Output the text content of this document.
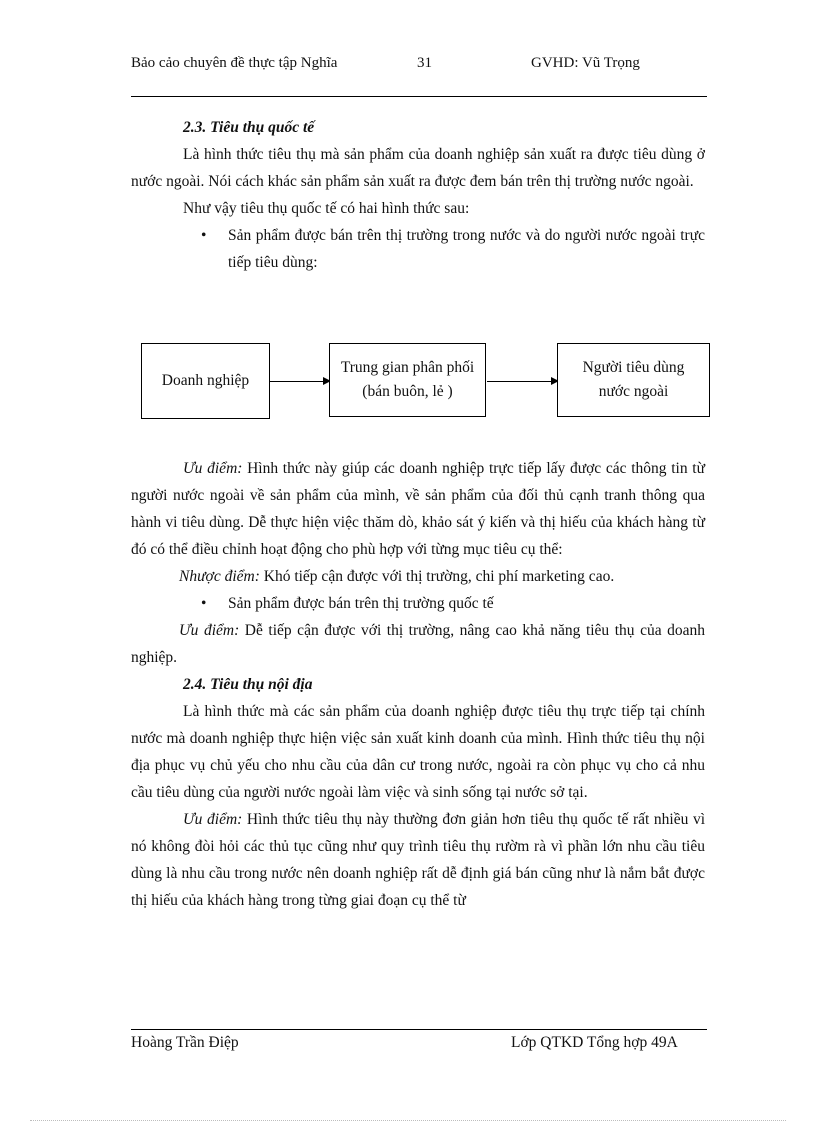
Bảo cảo chuyên đề thực tập Nghĩa	31	GVHD: Vũ Trọng
2.3. Tiêu thụ quốc tế
Là hình thức tiêu thụ mà sản phẩm của doanh nghiệp sản xuất ra được tiêu dùng ở nước ngoài. Nói cách khác sản phẩm sản xuất ra được đem bán trên thị trường nước ngoài.
Như vậy tiêu thụ quốc tế có hai hình thức sau:
• Sản phẩm được bán trên thị trường trong nước và do người nước ngoài trực tiếp tiêu dùng:
Doanh nghiệp
Trung gian phân phối (bán buôn, lẻ )
Người tiêu dùng nước ngoài
Ưu điểm: Hình thức này giúp các doanh nghiệp trực tiếp lấy được các thông tin từ người nước ngoài về sản phẩm của mình, về sản phẩm của đối thủ cạnh tranh thông qua hành vi tiêu dùng. Dễ thực hiện việc thăm dò, khảo sát ý kiến và thị hiếu của khách hàng từ đó có thể điều chỉnh hoạt động cho phù hợp với từng mục tiêu cụ thể:
Nhược điểm: Khó tiếp cận được với thị trường, chi phí marketing cao.
• Sản phẩm được bán trên thị trường quốc tế
Ưu điểm: Dễ tiếp cận được với thị trường, nâng cao khả năng tiêu thụ của doanh nghiệp.
2.4. Tiêu thụ nội địa
Là hình thức mà các sản phẩm của doanh nghiệp được tiêu thụ trực tiếp tại chính nước mà doanh nghiệp thực hiện việc sản xuất kinh doanh của mình. Hình thức tiêu thụ nội địa phục vụ chủ yếu cho nhu cầu của dân cư trong nước, ngoài ra còn phục vụ cho cả nhu cầu tiêu dùng của người nước ngoài làm việc và sinh sống tại nước sở tại.
Ưu điểm: Hình thức tiêu thụ này thường đơn giản hơn tiêu thụ quốc tế rất nhiều vì nó không đòi hỏi các thủ tục cũng như quy trình tiêu thụ rườm rà vì phần lớn nhu cầu tiêu dùng là nhu cầu trong nước nên doanh nghiệp rất dễ định giá bán cũng như là nắm bắt được thị hiếu của khách hàng trong từng giai đoạn cụ thể từ
Hoàng Trần Điệp	Lớp QTKD Tổng hợp 49A
